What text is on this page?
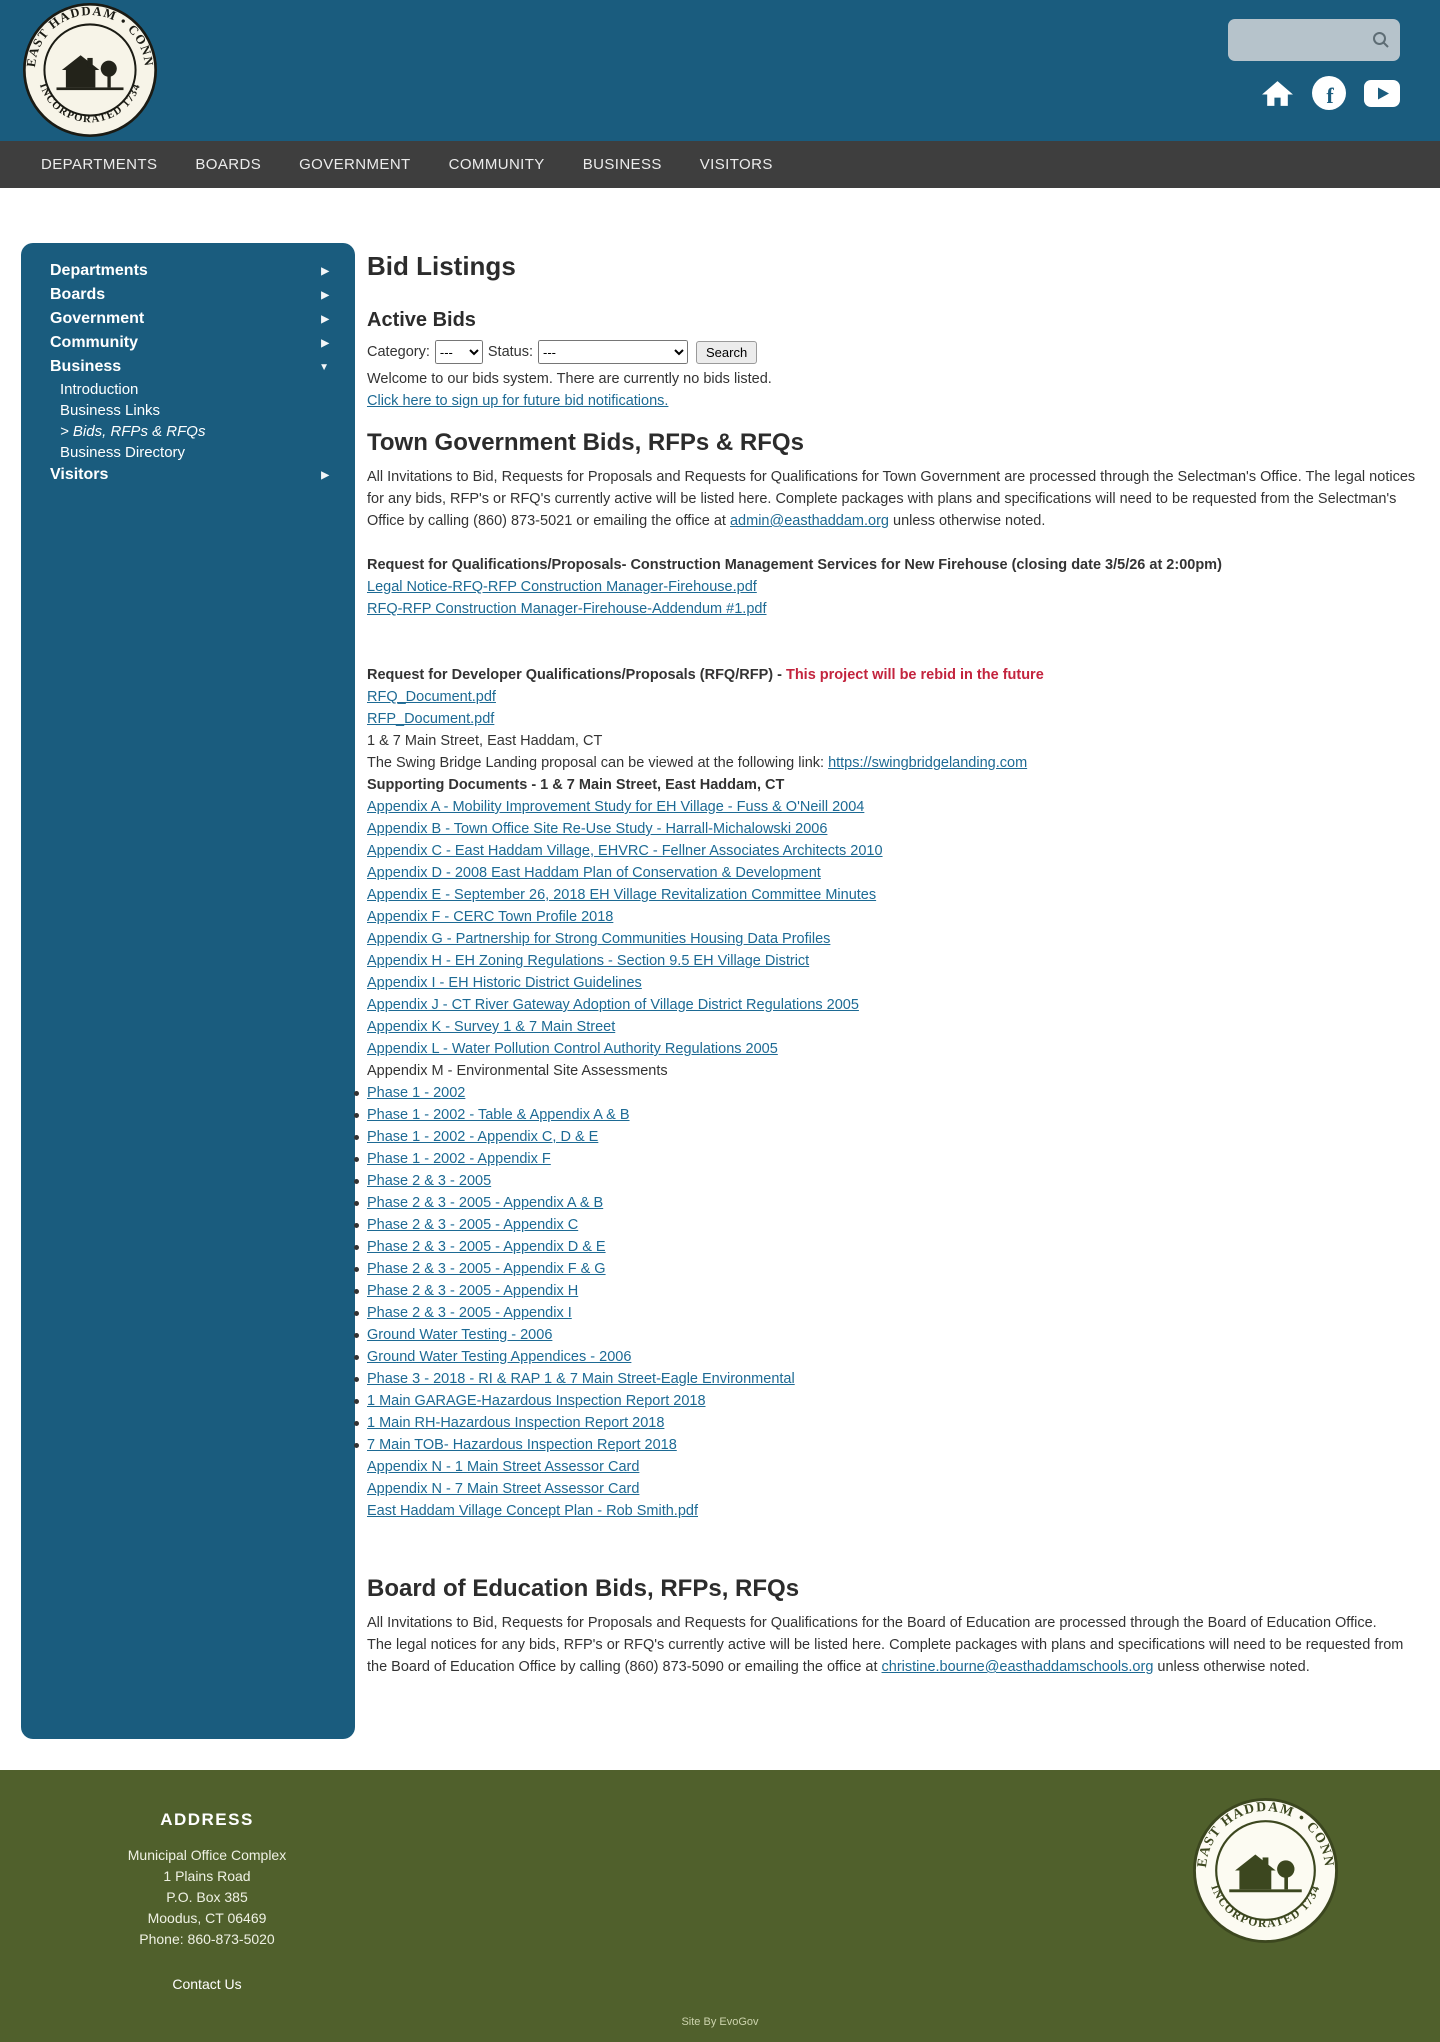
EAST HADDAM • CONN
INCORPORATED 1734	f
DEPARTMENTS	BOARDS	GOVERNMENT	COMMUNITY	BUSINESS	VISITORS
Departments	▶
Boards	▶
Government	▶
Community	▶
Business	▼
Introduction
Business Links
> Bids, RFPs & RFQs
Business Directory
Visitors	▶
Bid Listings
Active Bids
Category:
---	Status:
---	Search

Welcome to our bids system. There are currently no bids listed.

Click here to sign up for future bid notifications.
Town Government Bids, RFPs & RFQs

All Invitations to Bid, Requests for Proposals and Requests for Qualifications for Town Government are processed through the Selectman's Office. The legal notices for any bids, RFP's or RFQ's currently active will be listed here. Complete packages with plans and specifications will need to be requested from the Selectman's Office by calling (860) 873-5021 or emailing the office at admin@easthaddam.org unless otherwise noted.

Request for Qualifications/Proposals- Construction Management Services for New Firehouse (closing date 3/5/26 at 2:00pm)

Legal Notice-RFQ-RFP Construction Manager-Firehouse.pdf
RFQ-RFP Construction Manager-Firehouse-Addendum #1.pdf

Request for Developer Qualifications/Proposals (RFQ/RFP) - This project will be rebid in the future

RFQ_Document.pdf
RFP_Document.pdf

1 & 7 Main Street, East Haddam, CT

The Swing Bridge Landing proposal can be viewed at the following link: https://swingbridgelanding.com

Supporting Documents - 1 & 7 Main Street, East Haddam, CT

Appendix A - Mobility Improvement Study for EH Village - Fuss & O'Neill 2004
Appendix B - Town Office Site Re-Use Study - Harrall-Michalowski 2006
Appendix C - East Haddam Village, EHVRC - Fellner Associates Architects 2010
Appendix D - 2008 East Haddam Plan of Conservation & Development
Appendix E - September 26, 2018 EH Village Revitalization Committee Minutes
Appendix F - CERC Town Profile 2018
Appendix G - Partnership for Strong Communities Housing Data Profiles
Appendix H - EH Zoning Regulations - Section 9.5 EH Village District
Appendix I - EH Historic District Guidelines
Appendix J - CT River Gateway Adoption of Village District Regulations 2005
Appendix K - Survey 1 & 7 Main Street
Appendix L - Water Pollution Control Authority Regulations 2005

Appendix M - Environmental Site Assessments

Phase 1 - 2002
Phase 1 - 2002 - Table & Appendix A & B
Phase 1 - 2002 - Appendix C, D & E
Phase 1 - 2002 - Appendix F
Phase 2 & 3 - 2005
Phase 2 & 3 - 2005 - Appendix A & B
Phase 2 & 3 - 2005 - Appendix C
Phase 2 & 3 - 2005 - Appendix D & E
Phase 2 & 3 - 2005 - Appendix F & G
Phase 2 & 3 - 2005 - Appendix H
Phase 2 & 3 - 2005 - Appendix I
Ground Water Testing - 2006
Ground Water Testing Appendices - 2006
Phase 3 - 2018 - RI & RAP 1 & 7 Main Street-Eagle Environmental
1 Main GARAGE-Hazardous Inspection Report 2018
1 Main RH-Hazardous Inspection Report 2018
7 Main TOB- Hazardous Inspection Report 2018
Appendix N - 1 Main Street Assessor Card
Appendix N - 7 Main Street Assessor Card
East Haddam Village Concept Plan - Rob Smith.pdf
Board of Education Bids, RFPs, RFQs

All Invitations to Bid, Requests for Proposals and Requests for Qualifications for the Board of Education are processed through the Board of Education Office.

The legal notices for any bids, RFP's or RFQ's currently active will be listed here. Complete packages with plans and specifications will need to be requested from the Board of Education Office by calling (860) 873-5090 or emailing the office at christine.bourne@easthaddamschools.org unless otherwise noted.

ADDRESS
Municipal Office Complex
1 Plains Road
P.O. Box 385
Moodus, CT 06469
Phone: 860-873-5020
Contact Us
EAST HADDAM • CONN
INCORPORATED 1734
Site By EvoGov
